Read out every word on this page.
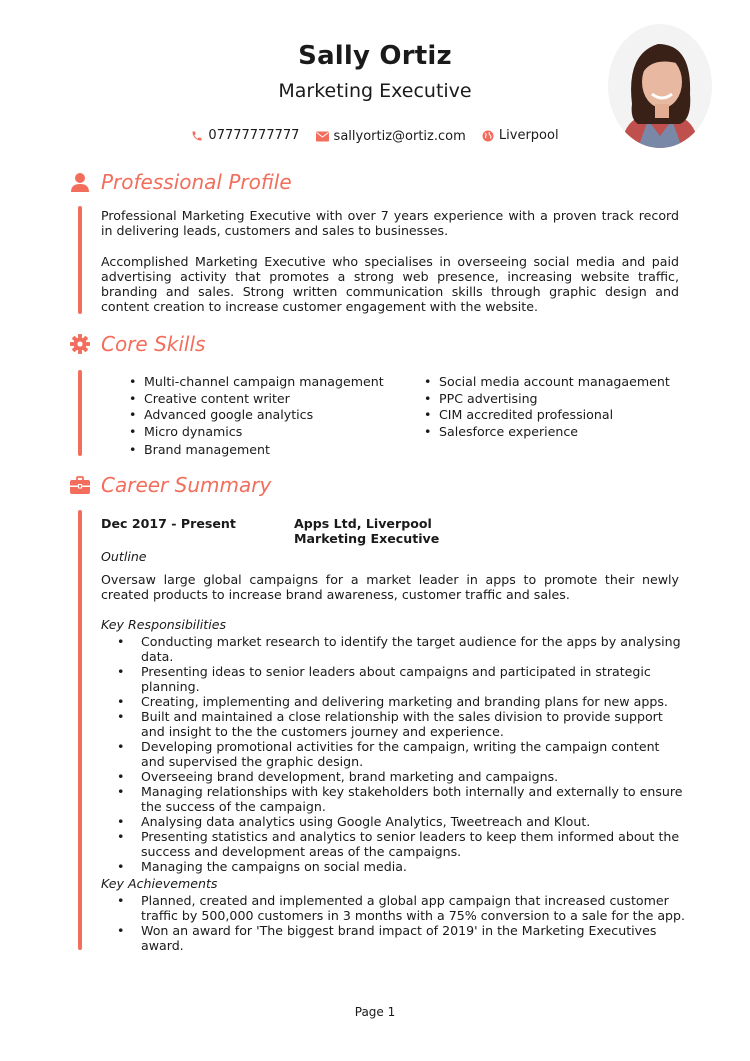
Sally Ortiz
Marketing Executive
07777777777
	sallyortiz@ortiz.com
	Liverpool
Professional Profile
Professional Marketing Executive with over 7 years experience with a proven track record in delivering leads, customers and sales to businesses.
Accomplished Marketing Executive who specialises in overseeing social media and paid advertising activity that promotes a strong web presence, increasing website traffic, branding and sales. Strong written communication skills through graphic design and content creation to increase customer engagement with the website.
Core Skills
• Multi-channel campaign management
• Creative content writer
• Advanced google analytics
• Micro dynamics
• Brand management
• Social media account managaement
• PPC advertising
• CIM accredited professional
• Salesforce experience
Career Summary
Dec 2017 - Present	Apps Ltd, Liverpool
Marketing Executive
Outline
Oversaw large global campaigns for a market leader in apps to promote their newly created products to increase brand awareness, customer traffic and sales.
Key Responsibilities
• Conducting market research to identify the target audience for the apps by analysing data.
• Presenting ideas to senior leaders about campaigns and participated in strategic planning.
• Creating, implementing and delivering marketing and branding plans for new apps.
• Built and maintained a close relationship with the sales division to provide support and insight to the the customers journey and experience.
• Developing promotional activities for the campaign, writing the campaign content and supervised the graphic design.
• Overseeing brand development, brand marketing and campaigns.
• Managing relationships with key stakeholders both internally and externally to ensure the success of the campaign.
• Analysing data analytics using Google Analytics, Tweetreach and Klout.
• Presenting statistics and analytics to senior leaders to keep them informed about the success and development areas of the campaigns.
• Managing the campaigns on social media.
Key Achievements
• Planned, created and implemented a global app campaign that increased customer traffic by 500,000 customers in 3 months with a 75% conversion to a sale for the app.
• Won an award for 'The biggest brand impact of 2019' in the Marketing Executives award.
Page 1
